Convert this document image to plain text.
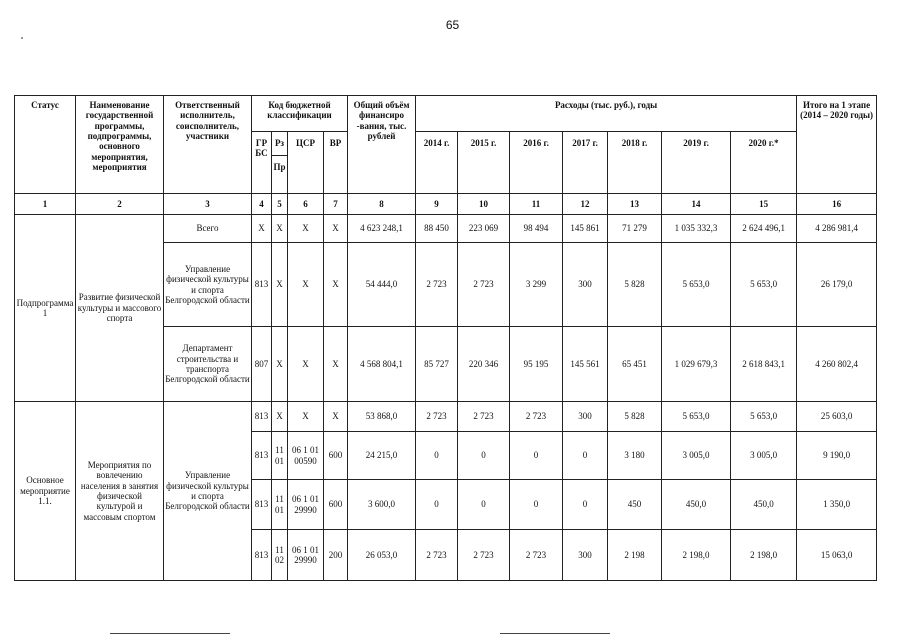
65
Статус	Наименование государственной программы, подпрограммы, основного мероприятия, мероприятия	Ответственный исполнитель, соисполнитель, участники	Код бюджетной классификации				Общий объём финансиро -вания, тыс. рублей	Расходы (тыс. руб.), годы							Итого на 1 этапе (2014 – 2020 годы)
			ГР БС	Рз	ЦСР	ВР		2014 г.	2015 г.	2016 г.	2017 г.	2018 г.	2019 г.	2020 г.*	
				Пр											
1	2	3	4	5	6	7	8	9	10	11	12	13	14	15	16
Подпрограмма 1	Развитие физической культуры и массового спорта	Всего	Х	Х	Х	Х	4 623 248,1	88 450	223 069	98 494	145 861	71 279	1 035 332,3	2 624 496,1	4 286 981,4
		Управление физической культуры и спорта Белгородской области	813	Х	Х	Х	54 444,0	2 723	2 723	3 299	300	5 828	5 653,0	5 653,0	26 179,0
		Департамент строительства и транспорта Белгородской области	807	Х	Х	Х	4 568 804,1	85 727	220 346	95 195	145 561	65 451	1 029 679,3	2 618 843,1	4 260 802,4
Основное мероприятие 1.1.	Мероприятия по вовлечению населения в занятия физической культурой и массовым спортом	Управление физической культуры и спорта Белгородской области	813	Х	Х	Х	53 868,0	2 723	2 723	2 723	300	5 828	5 653,0	5 653,0	25 603,0
			813	11 01	06 1 01 00590	600	24 215,0	0	0	0	0	3 180	3 005,0	3 005,0	9 190,0
			813	11 01	06 1 01 29990	600	3 600,0	0	0	0	0	450	450,0	450,0	1 350,0
			813	11 02	06 1 01 29990	200	26 053,0	2 723	2 723	2 723	300	2 198	2 198,0	2 198,0	15 063,0
